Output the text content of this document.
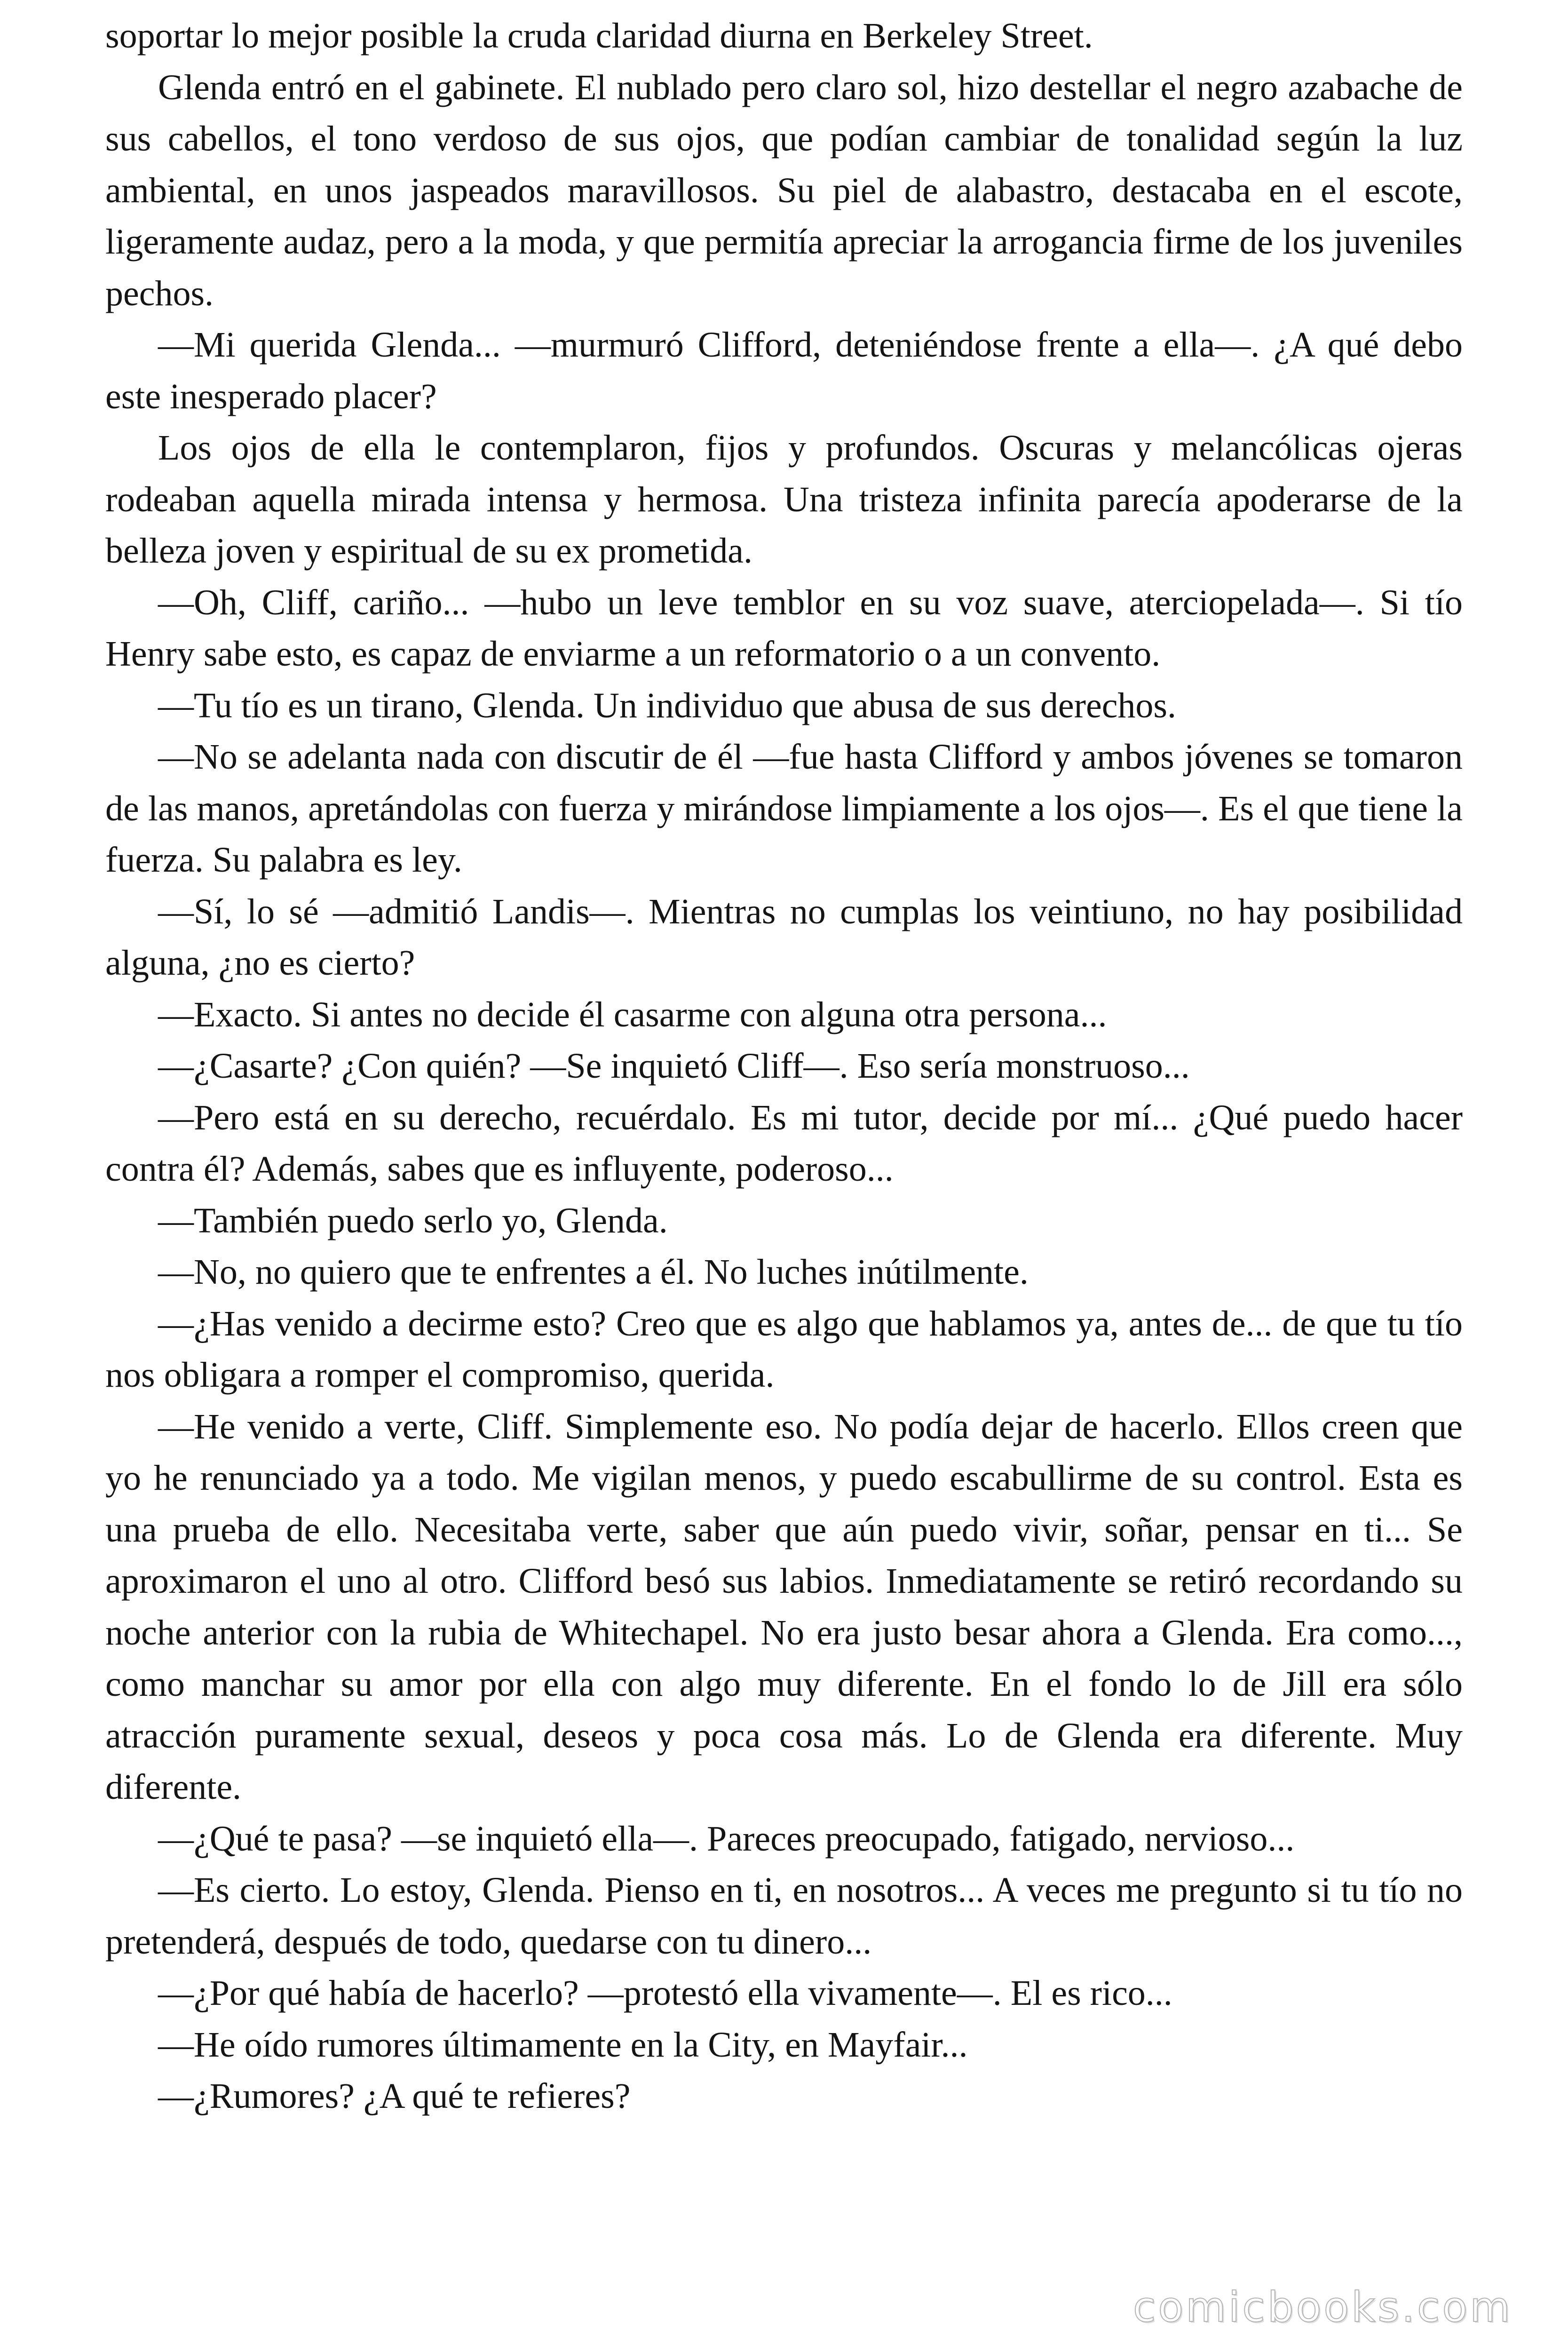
soportar lo mejor posible la cruda claridad diurna en Berkeley Street.

Glenda entró en el gabinete. El nublado pero claro sol, hizo destellar el negro azabache de sus cabellos, el tono verdoso de sus ojos, que podían cambiar de tonalidad según la luz ambiental, en unos jaspeados maravillosos. Su piel de alabastro, destacaba en el escote, ligeramente audaz, pero a la moda, y que permitía apreciar la arrogancia firme de los juveniles pechos.

—Mi querida Glenda... —murmuró Clifford, deteniéndose frente a ella—. ¿A qué debo este inesperado placer?

Los ojos de ella le contemplaron, fijos y profundos. Oscuras y melancólicas ojeras rodeaban aquella mirada intensa y hermosa. Una tristeza infinita parecía apoderarse de la belleza joven y espiritual de su ex prometida.

—Oh, Cliff, cariño... —hubo un leve temblor en su voz suave, aterciopelada—. Si tío Henry sabe esto, es capaz de enviarme a un reformatorio o a un convento.

—Tu tío es un tirano, Glenda. Un individuo que abusa de sus derechos.

—No se adelanta nada con discutir de él —fue hasta Clifford y ambos jóvenes se tomaron de las manos, apretándolas con fuerza y mirándose limpiamente a los ojos—. Es el que tiene la fuerza. Su palabra es ley.

—Sí, lo sé —admitió Landis—. Mientras no cumplas los veintiuno, no hay posibilidad alguna, ¿no es cierto?

—Exacto. Si antes no decide él casarme con alguna otra persona...

—¿Casarte? ¿Con quién? —Se inquietó Cliff—. Eso sería monstruoso...

—Pero está en su derecho, recuérdalo. Es mi tutor, decide por mí... ¿Qué puedo hacer contra él? Además, sabes que es influyente, poderoso...

—También puedo serlo yo, Glenda.

—No, no quiero que te enfrentes a él. No luches inútilmente.

—¿Has venido a decirme esto? Creo que es algo que hablamos ya, antes de... de que tu tío nos obligara a romper el compromiso, querida.

—He venido a verte, Cliff. Simplemente eso. No podía dejar de hacerlo. Ellos creen que yo he renunciado ya a todo. Me vigilan menos, y puedo escabullirme de su control. Esta es una prueba de ello. Necesitaba verte, saber que aún puedo vivir, soñar, pensar en ti... Se aproximaron el uno al otro. Clifford besó sus labios. Inmediatamente se retiró recordando su noche anterior con la rubia de Whitechapel. No era justo besar ahora a Glenda. Era como..., como manchar su amor por ella con algo muy diferente. En el fondo lo de Jill era sólo atracción puramente sexual, deseos y poca cosa más. Lo de Glenda era diferente. Muy diferente.

—¿Qué te pasa? —se inquietó ella—. Pareces preocupado, fatigado, nervioso...

—Es cierto. Lo estoy, Glenda. Pienso en ti, en nosotros... A veces me pregunto si tu tío no pretenderá, después de todo, quedarse con tu dinero...

—¿Por qué había de hacerlo? —protestó ella vivamente—. El es rico...

—He oído rumores últimamente en la City, en Mayfair...

—¿Rumores? ¿A qué te refieres?

comicbooks.com
